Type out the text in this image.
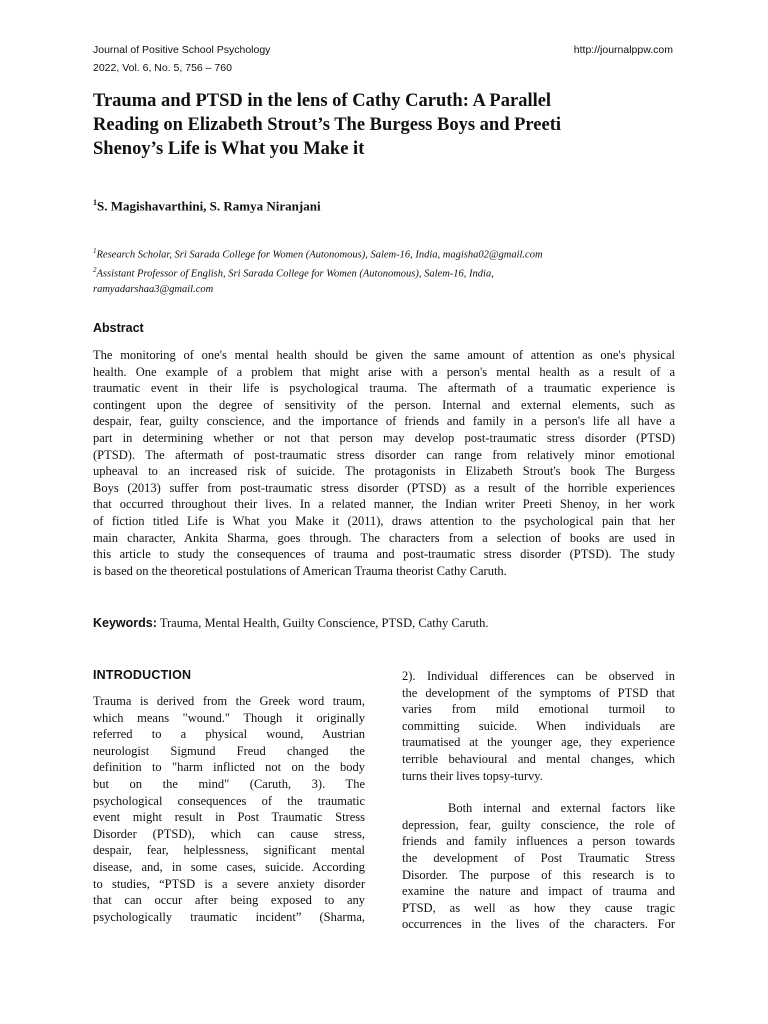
Journal of Positive School Psychology
2022, Vol. 6, No. 5, 756 – 760
http://journalppw.com
Trauma and PTSD in the lens of Cathy Caruth: A Parallel
Reading on Elizabeth Strout’s The Burgess Boys and Preeti
Shenoy’s Life is What you Make it
$^1$S. Magishavarthini, S. Ramya Niranjani
$^1$Research Scholar, Sri Sarada College for Women (Autonomous), Salem-16, India, magisha02@gmail.com
$^2$Assistant Professor of English, Sri Sarada College for Women (Autonomous), Salem-16, India,
ramyadarshaa3@gmail.com
Abstract
The monitoring of one's mental health should be given the same amount of attention as one's physical
health. One example of a problem that might arise with a person's mental health as a result of a
traumatic event in their life is psychological trauma. The aftermath of a traumatic experience is
contingent upon the degree of sensitivity of the person. Internal and external elements, such as
despair, fear, guilty conscience, and the importance of friends and family in a person's life all have a
part in determining whether or not that person may develop post-traumatic stress disorder (PTSD)
(PTSD). The aftermath of post-traumatic stress disorder can range from relatively minor emotional
upheaval to an increased risk of suicide. The protagonists in Elizabeth Strout's book The Burgess
Boys (2013) suffer from post-traumatic stress disorder (PTSD) as a result of the horrible experiences
that occurred throughout their lives. In a related manner, the Indian writer Preeti Shenoy, in her work
of fiction titled Life is What you Make it (2011), draws attention to the psychological pain that her
main character, Ankita Sharma, goes through. The characters from a selection of books are used in
this article to study the consequences of trauma and post-traumatic stress disorder (PTSD). The study
is based on the theoretical postulations of American Trauma theorist Cathy Caruth.
Keywords: Trauma, Mental Health, Guilty Conscience, PTSD, Cathy Caruth.
INTRODUCTION
Trauma is derived from the Greek word traum,
which means "wound." Though it originally
referred to a physical wound, Austrian
neurologist Sigmund Freud changed the
definition to "harm inflicted not on the body
but on the mind" (Caruth, 3). The
psychological consequences of the traumatic
event might result in Post Traumatic Stress
Disorder (PTSD), which can cause stress,
despair, fear, helplessness, significant mental
disease, and, in some cases, suicide. According
to studies, “PTSD is a severe anxiety disorder
that can occur after being exposed to any
psychologically traumatic incident” (Sharma,
2). Individual differences can be observed in
the development of the symptoms of PTSD that
varies from mild emotional turmoil to
committing suicide. When individuals are
traumatised at the younger age, they experience
terrible behavioural and mental changes, which
turns their lives topsy-turvy.
Both internal and external factors like
depression, fear, guilty conscience, the role of
friends and family influences a person towards
the development of Post Traumatic Stress
Disorder. The purpose of this research is to
examine the nature and impact of trauma and
PTSD, as well as how they cause tragic
occurrences in the lives of the characters. For
